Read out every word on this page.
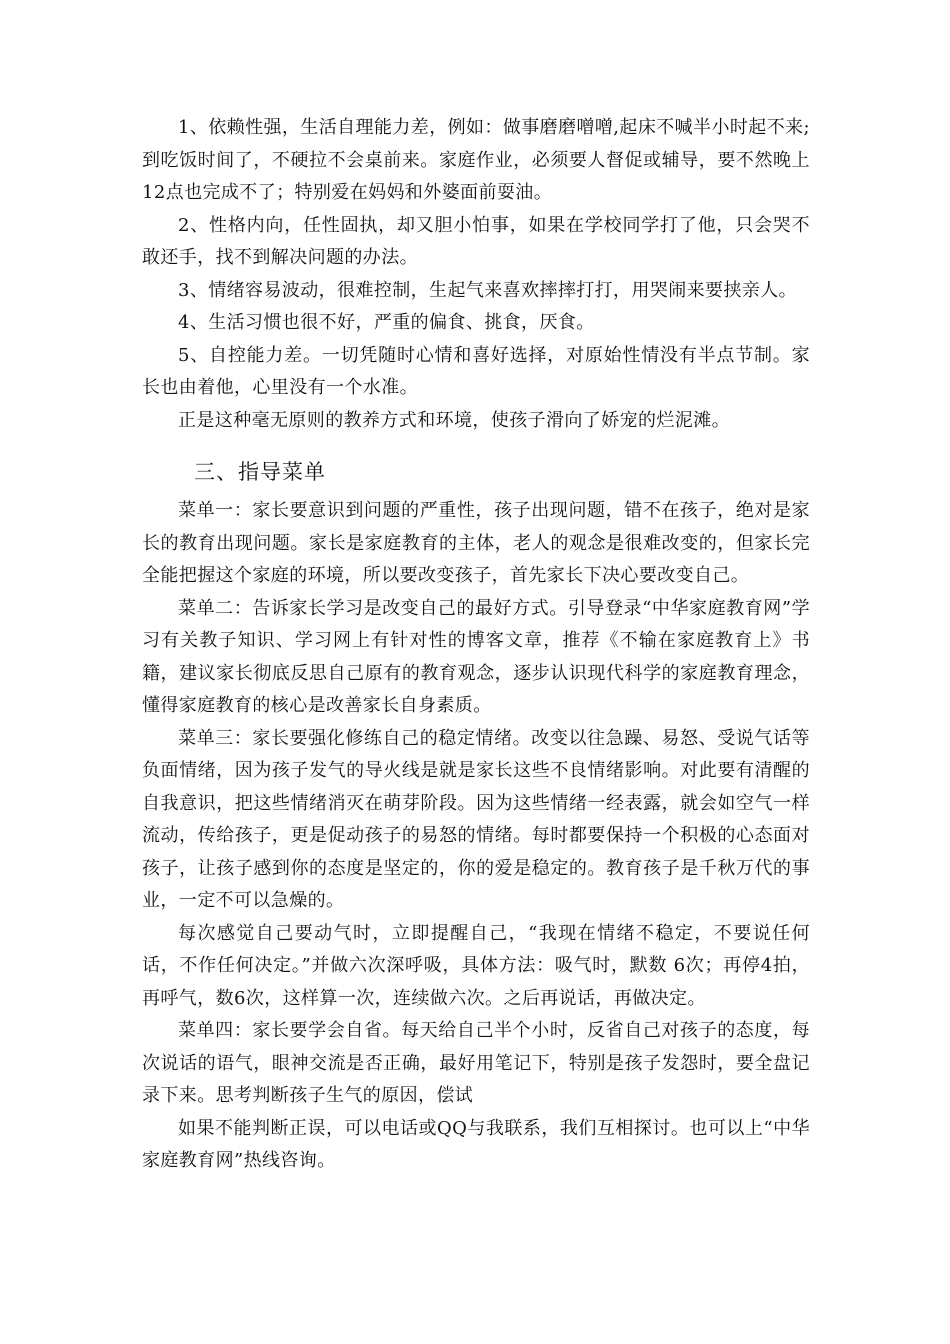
1、依赖性强，生活自理能力差，例如：做事磨磨噌噌,起床不喊半小时起不来;到吃饭时间了，不硬拉不会桌前来。家庭作业，必须要人督促或辅导，要不然晚上12点也完成不了；特别爱在妈妈和外婆面前耍油。

2、性格内向，任性固执，却又胆小怕事，如果在学校同学打了他，只会哭不敢还手，找不到解决问题的办法。

3、情绪容易波动，很难控制，生起气来喜欢摔摔打打，用哭闹来要挟亲人。

4、生活习惯也很不好，严重的偏食、挑食，厌食。

5、自控能力差。一切凭随时心情和喜好选择，对原始性情没有半点节制。家长也由着他，心里没有一个水准。

正是这种毫无原则的教养方式和环境，使孩子滑向了娇宠的烂泥滩。

三、指导菜单

菜单一：家长要意识到问题的严重性，孩子出现问题，错不在孩子，绝对是家长的教育出现问题。家长是家庭教育的主体，老人的观念是很难改变的，但家长完全能把握这个家庭的环境，所以要改变孩子，首先家长下决心要改变自己。

菜单二：告诉家长学习是改变自己的最好方式。引导登录“中华家庭教育网”学习有关教子知识、学习网上有针对性的博客文章，推荐《不输在家庭教育上》书籍，建议家长彻底反思自己原有的教育观念，逐步认识现代科学的家庭教育理念，懂得家庭教育的核心是改善家长自身素质。

菜单三：家长要强化修练自己的稳定情绪。改变以往急躁、易怒、受说气话等负面情绪，因为孩子发气的导火线是就是家长这些不良情绪影响。对此要有清醒的自我意识，把这些情绪消灭在萌芽阶段。因为这些情绪一经表露，就会如空气一样流动，传给孩子，更是促动孩子的易怒的情绪。每时都要保持一个积极的心态面对孩子，让孩子感到你的态度是坚定的，你的爱是稳定的。教育孩子是千秋万代的事业，一定不可以急燥的。

每次感觉自己要动气时，立即提醒自己，“我现在情绪不稳定，不要说任何话，不作任何决定。”并做六次深呼吸，具体方法：吸气时，默数 6次；再停4拍，再呼气，数6次，这样算一次，连续做六次。之后再说话，再做决定。

菜单四：家长要学会自省。每天给自己半个小时，反省自己对孩子的态度，每次说话的语气，眼神交流是否正确，最好用笔记下，特别是孩子发怨时，要全盘记录下来。思考判断孩子生气的原因，偿试

如果不能判断正误，可以电话或QQ与我联系，我们互相探讨。也可以上“中华家庭教育网”热线咨询。
